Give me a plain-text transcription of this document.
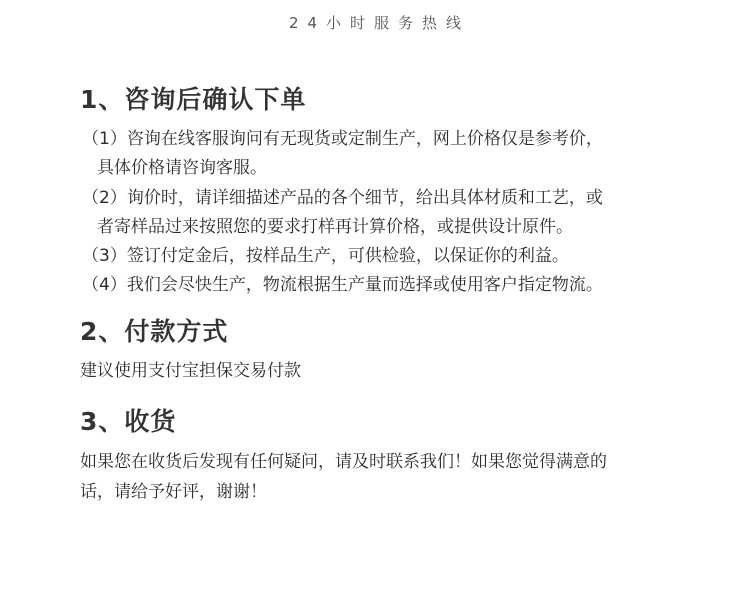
24小时服务热线
1、咨询后确认下单
（1）咨询在线客服询问有无现货或定制生产，网上价格仅是参考价，
具体价格请咨询客服。
（2）询价时，请详细描述产品的各个细节，给出具体材质和工艺，或
者寄样品过来按照您的要求打样再计算价格，或提供设计原件。
（3）签订付定金后，按样品生产，可供检验，以保证你的利益。
（4）我们会尽快生产，物流根据生产量而选择或使用客户指定物流。
2、付款方式
建议使用支付宝担保交易付款
3、收货
如果您在收货后发现有任何疑问，请及时联系我们！如果您觉得满意的
话，请给予好评，谢谢！
